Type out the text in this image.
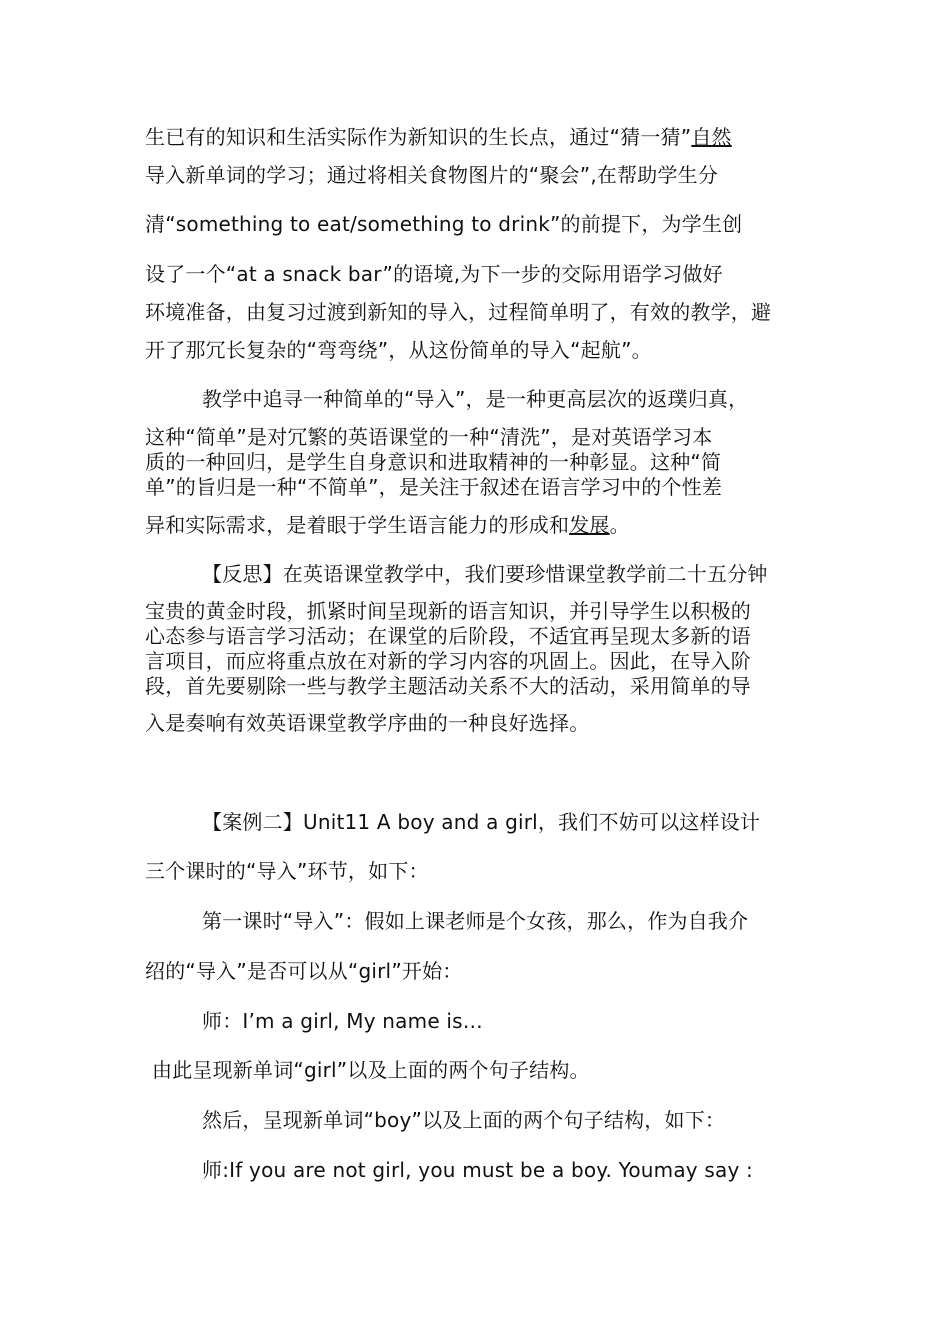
生已有的知识和生活实际作为新知识的生长点，通过“猜一猜”自然
导入新单词的学习；通过将相关食物图片的“聚会”,在帮助学生分
清“something to eat/something to drink”的前提下，为学生创
设了一个“at a snack bar”的语境,为下一步的交际用语学习做好
环境准备，由复习过渡到新知的导入，过程简单明了，有效的教学，避
开了那冗长复杂的“弯弯绕”，从这份简单的导入“起航”。
教学中追寻一种简单的“导入”，是一种更高层次的返璞归真，
这种“简单”是对冗繁的英语课堂的一种“清洗”，是对英语学习本
质的一种回归，是学生自身意识和进取精神的一种彰显。这种“简
单”的旨归是一种“不简单”，是关注于叙述在语言学习中的个性差
异和实际需求，是着眼于学生语言能力的形成和发展。
【反思】在英语课堂教学中，我们要珍惜课堂教学前二十五分钟
宝贵的黄金时段，抓紧时间呈现新的语言知识，并引导学生以积极的
心态参与语言学习活动；在课堂的后阶段，不适宜再呈现太多新的语
言项目，而应将重点放在对新的学习内容的巩固上。因此，在导入阶
段，首先要剔除一些与教学主题活动关系不大的活动，采用简单的导
入是奏响有效英语课堂教学序曲的一种良好选择。
【案例二】Unit11 A boy and a girl，我们不妨可以这样设计
三个课时的“导入”环节，如下：
第一课时“导入”：假如上课老师是个女孩，那么，作为自我介
绍的“导入”是否可以从“girl”开始：
师：I’m a girl, My name is…
由此呈现新单词“girl”以及上面的两个句子结构。
然后，呈现新单词“boy”以及上面的两个句子结构，如下：
师:If you are not girl, you must be a boy. Youmay say :
